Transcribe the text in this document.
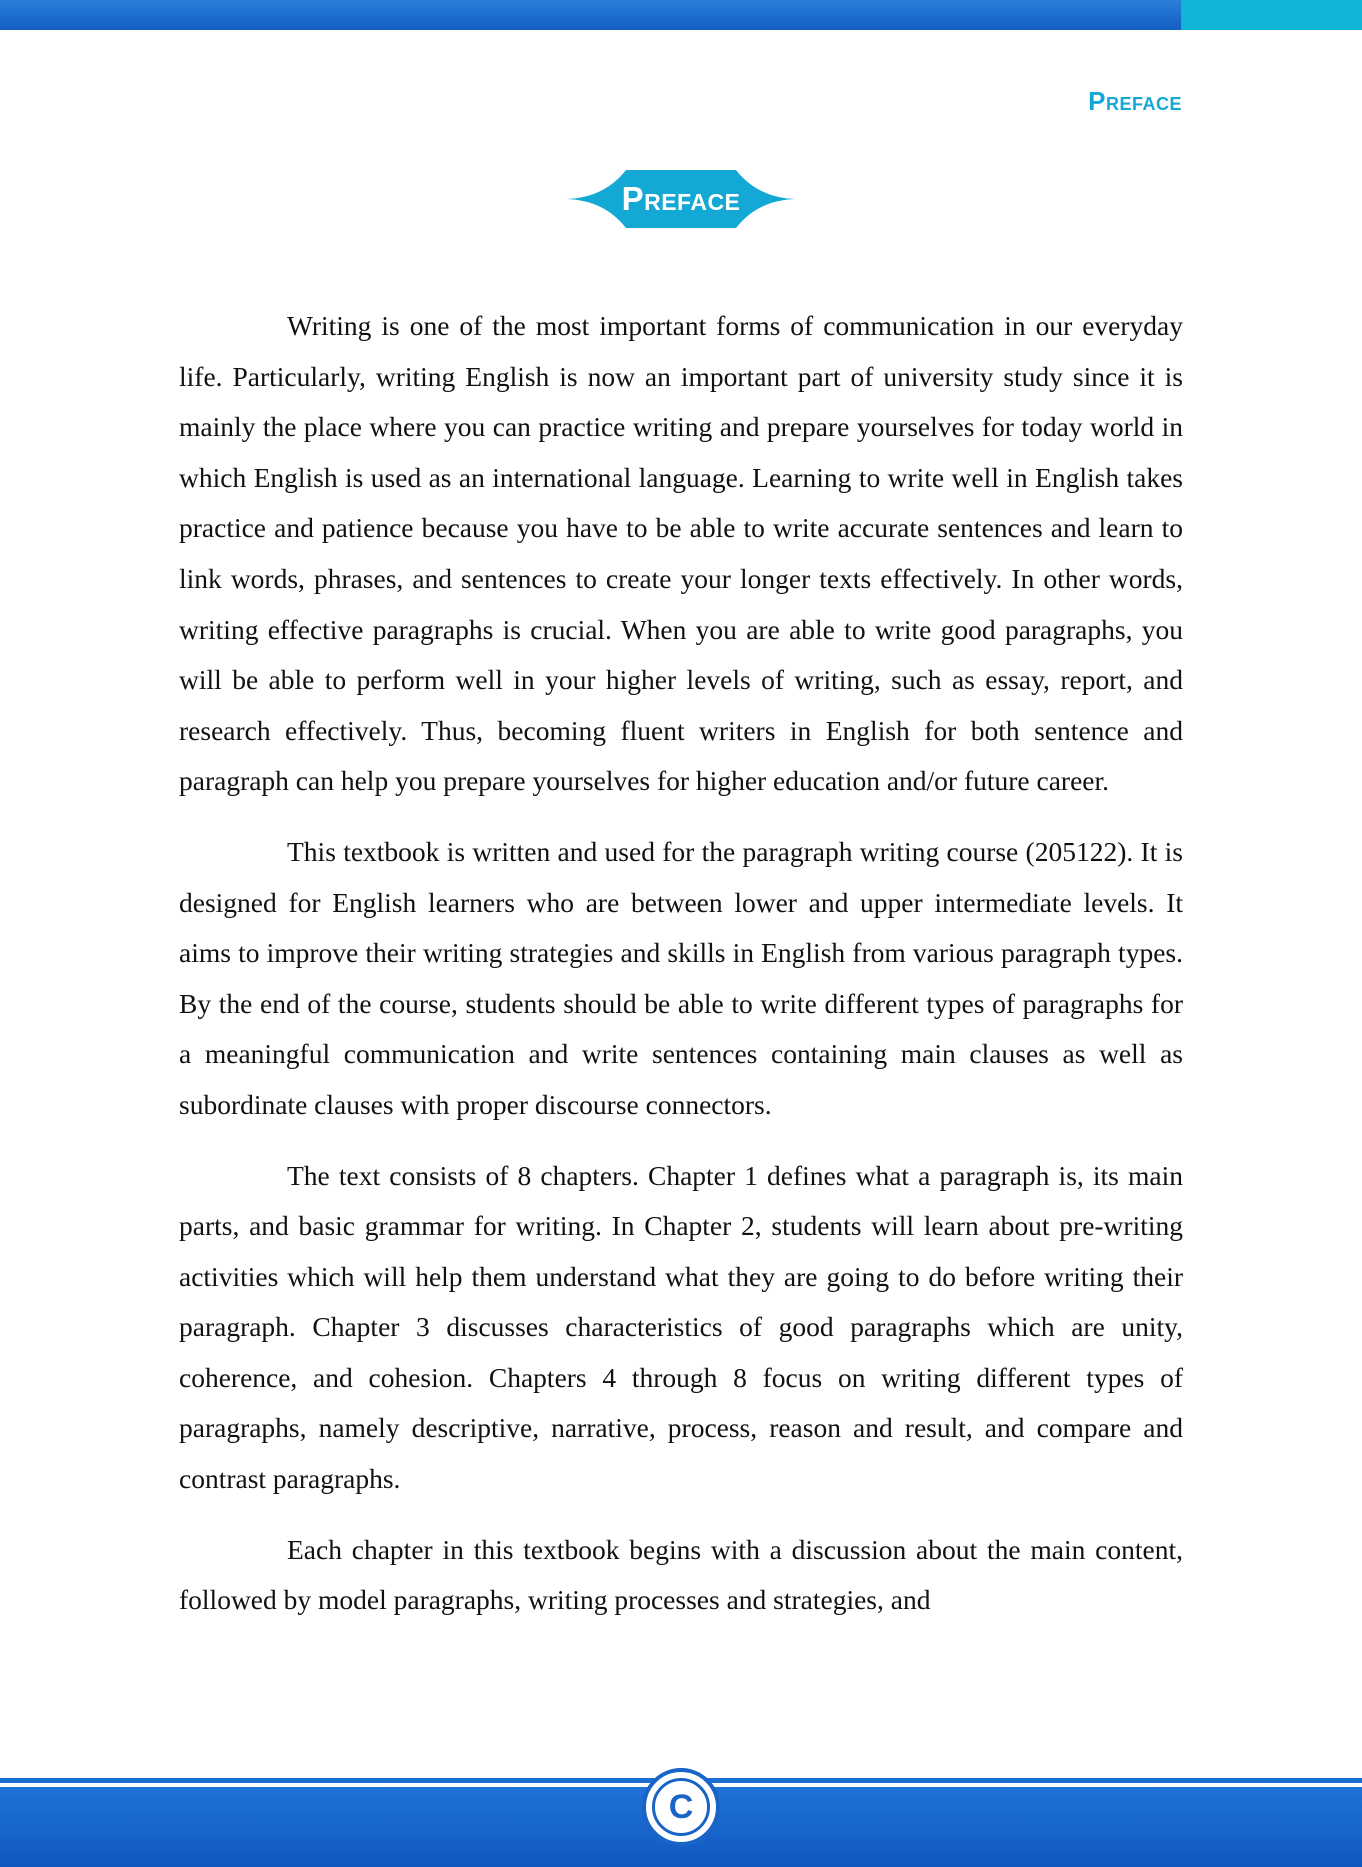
Preface
Preface

Writing is one of the most important forms of communication in our everyday life. Particularly, writing English is now an important part of university study since it is mainly the place where you can practice writing and prepare yourselves for today world in which English is used as an international language. Learning to write well in English takes practice and patience because you have to be able to write accurate sentences and learn to link words, phrases, and sentences to create your longer texts effectively. In other words, writing effective paragraphs is crucial. When you are able to write good paragraphs, you will be able to perform well in your higher levels of writing, such as essay, report, and research effectively. Thus, becoming fluent writers in English for both sentence and paragraph can help you prepare yourselves for higher education and/or future career.

This textbook is written and used for the paragraph writing course (205122). It is designed for English learners who are between lower and upper intermediate levels. It aims to improve their writing strategies and skills in English from various paragraph types. By the end of the course, students should be able to write different types of paragraphs for a meaningful communication and write sentences containing main clauses as well as subordinate clauses with proper discourse connectors.

The text consists of 8 chapters. Chapter 1 defines what a paragraph is, its main parts, and basic grammar for writing. In Chapter 2, students will learn about pre-writing activities which will help them understand what they are going to do before writing their paragraph. Chapter 3 discusses characteristics of good paragraphs which are unity, coherence, and cohesion. Chapters 4 through 8 focus on writing different types of paragraphs, namely descriptive, narrative, process, reason and result, and compare and contrast paragraphs.

Each chapter in this textbook begins with a discussion about the main content, followed by model paragraphs, writing processes and strategies, and

C
